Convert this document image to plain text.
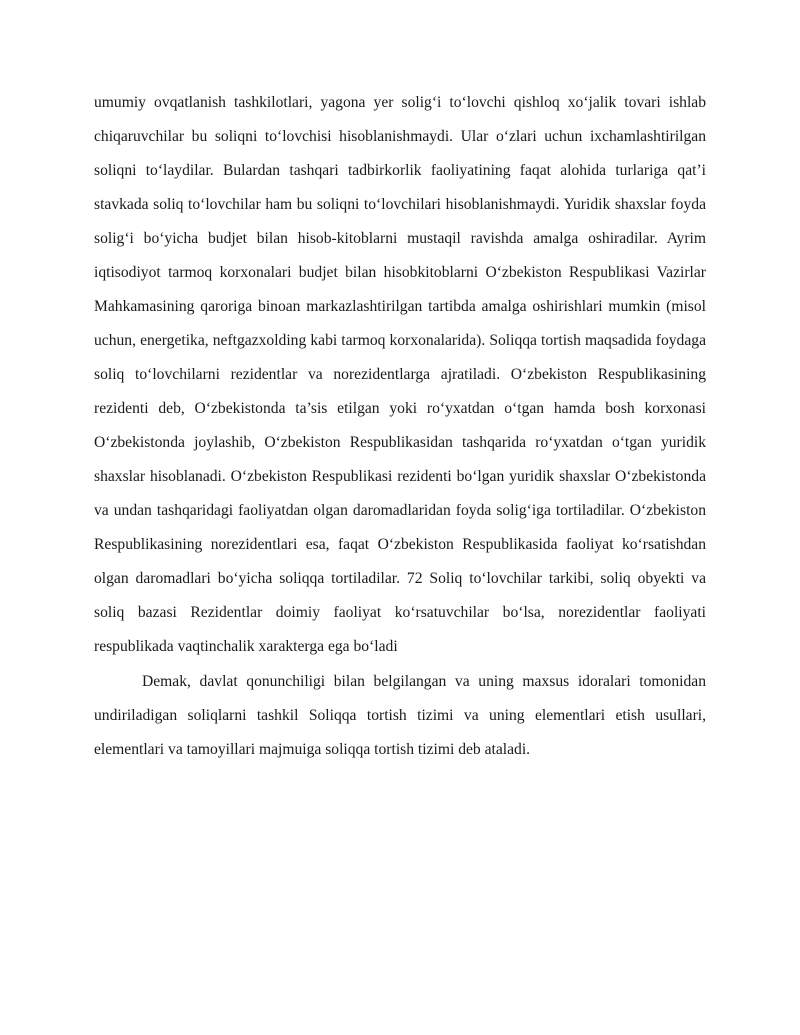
umumiy ovqatlanish tashkilotlari, yagona yer solig‘i to‘lovchi qishloq xo‘jalik tovari ishlab chiqaruvchilar bu soliqni to‘lovchisi hisoblanishmaydi. Ular o‘zlari uchun ixchamlashtirilgan soliqni to‘laydilar. Bulardan tashqari tadbirkorlik faoliyatining faqat alohida turlariga qat’i stavkada soliq to‘lovchilar ham bu soliqni to‘lovchilari hisoblanishmaydi. Yuridik shaxslar foyda solig‘i bo‘yicha budjet bilan hisob-kitoblarni mustaqil ravishda amalga oshiradilar. Ayrim iqtisodiyot tarmoq korxonalari budjet bilan hisobkitoblarni O‘zbekiston Respublikasi Vazirlar Mahkamasining qaroriga binoan markazlashtirilgan tartibda amalga oshirishlari mumkin (misol uchun, energetika, neftgazxolding kabi tarmoq korxonalarida). Soliqqa tortish maqsadida foydaga soliq to‘lovchilarni rezidentlar va norezidentlarga ajratiladi. O‘zbekiston Respublikasining rezidenti deb, O‘zbekistonda ta’sis etilgan yoki ro‘yxatdan o‘tgan hamda bosh korxonasi O‘zbekistonda joylashib, O‘zbekiston Respublikasidan tashqarida ro‘yxatdan o‘tgan yuridik shaxslar hisoblanadi. O‘zbekiston Respublikasi rezidenti bo‘lgan yuridik shaxslar O‘zbekistonda va undan tashqaridagi faoliyatdan olgan daromadlaridan foyda solig‘iga tortiladilar. O‘zbekiston Respublikasining norezidentlari esa, faqat O‘zbekiston Respublikasida faoliyat ko‘rsatishdan olgan daromadlari bo‘yicha soliqqa tortiladilar. 72 Soliq to‘lovchilar tarkibi, soliq obyekti va soliq bazasi Rezidentlar doimiy faoliyat ko‘rsatuvchilar bo‘lsa, norezidentlar faoliyati respublikada vaqtinchalik xarakterga ega bo‘ladi

Demak, davlat qonunchiligi bilan belgilangan va uning maxsus idoralari tomonidan undiriladigan soliqlarni tashkil Soliqqa tortish tizimi va uning elementlari etish usullari, elementlari va tamoyillari majmuiga soliqqa tortish tizimi deb ataladi.
